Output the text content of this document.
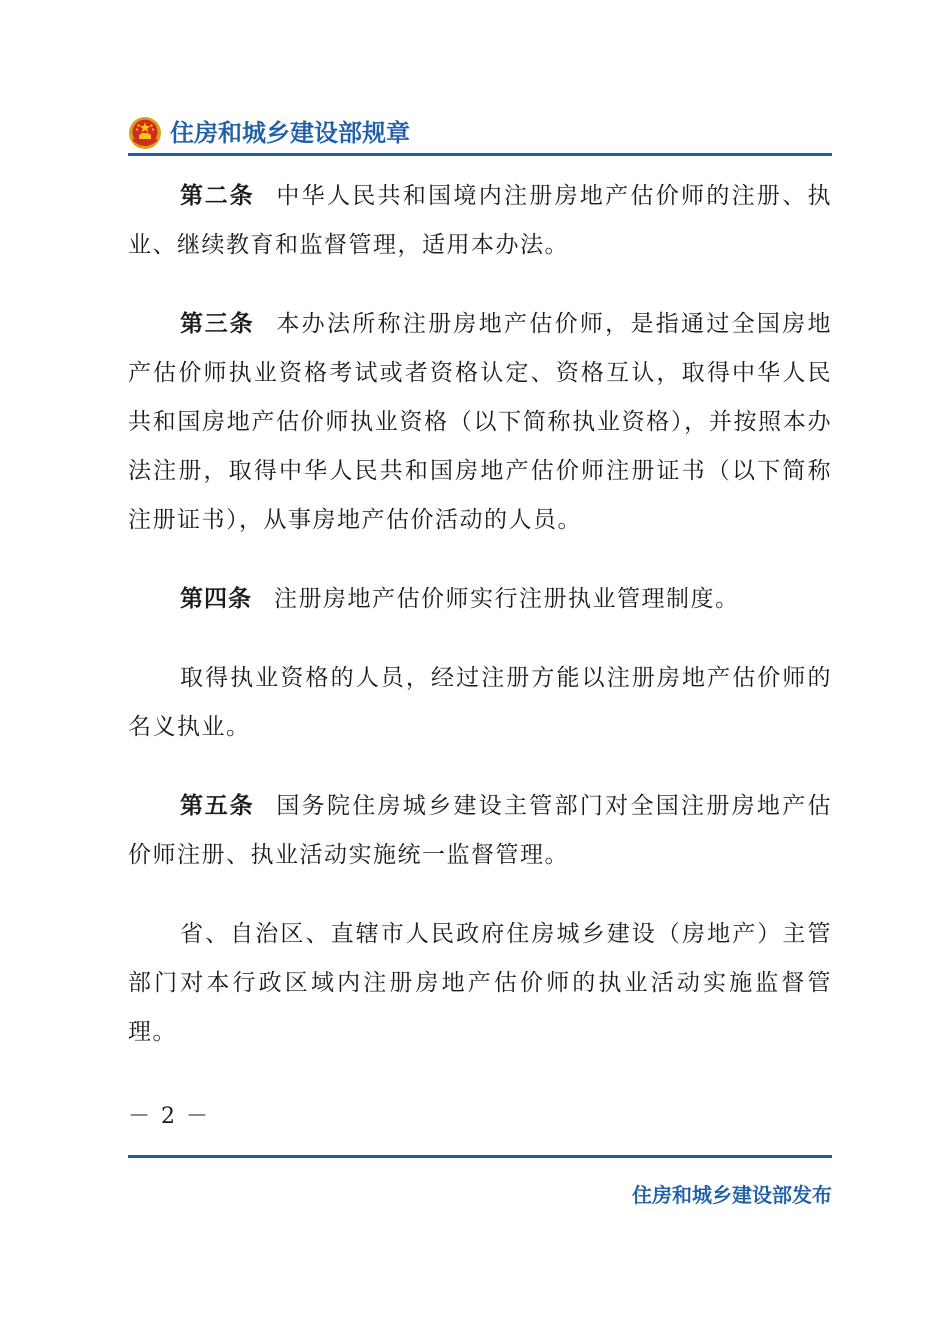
住房和城乡建设部规章

第二条 中华人民共和国境内注册房地产估价师的注册、执业、继续教育和监督管理，适用本办法。

第三条 本办法所称注册房地产估价师，是指通过全国房地产估价师执业资格考试或者资格认定、资格互认，取得中华人民共和国房地产估价师执业资格（以下简称执业资格），并按照本办法注册，取得中华人民共和国房地产估价师注册证书（以下简称注册证书），从事房地产估价活动的人员。

第四条 注册房地产估价师实行注册执业管理制度。

取得执业资格的人员，经过注册方能以注册房地产估价师的名义执业。

第五条 国务院住房城乡建设主管部门对全国注册房地产估价师注册、执业活动实施统一监督管理。

省、自治区、直辖市人民政府住房城乡建设（房地产）主管部门对本行政区域内注册房地产估价师的执业活动实施监督管理。

－ 2 －
住房和城乡建设部发布
